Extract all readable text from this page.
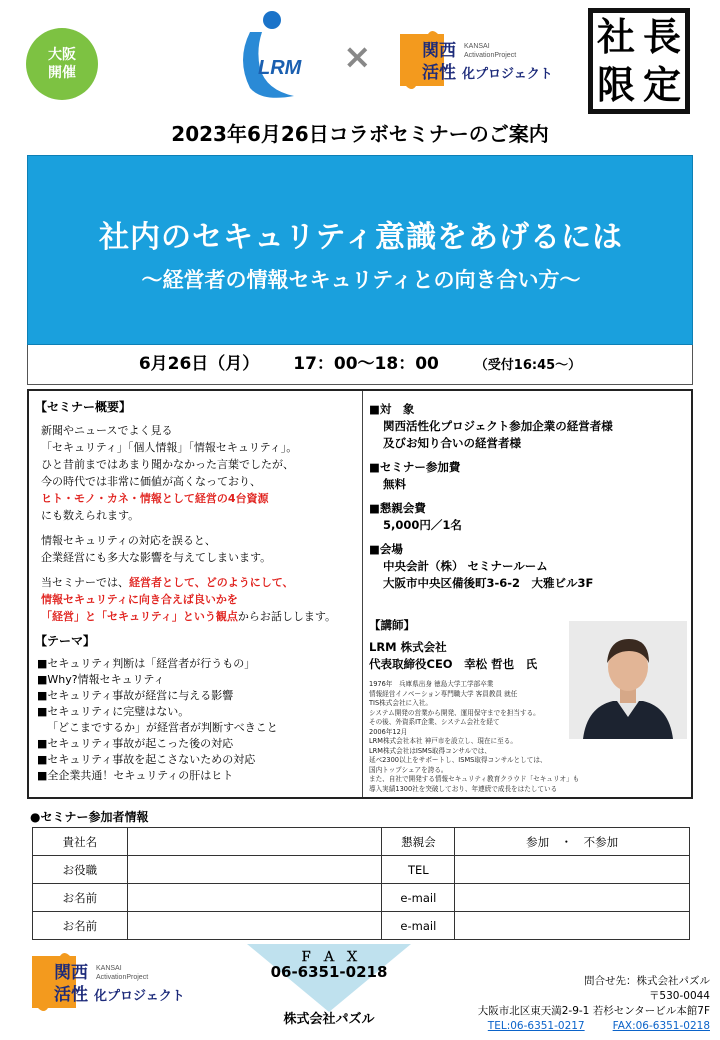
大阪
開催	LRM ×	関西
活性
KANSAI
ActivationProject
化プロジェクト
社 長
限 定
2023年6月26日コラボセミナーのご案内
社内のセキュリティ意識をあげるには
～経営者の情報セキュリティとの向き合い方～
6月26日（月） 17：00～18：00	（受付16:45～）
【セミナー概要】
新聞やニュースでよく見る
「セキュリティ」「個人情報」「情報セキュリティ」。
ひと昔前まではあまり聞かなかった言葉でしたが、
今の時代では非常に価値が高くなっており、
ヒト・モノ・カネ・情報として経営の4台資源
にも数えられます。
情報セキュリティの対応を誤ると、
企業経営にも多大な影響を与えてしまいます。
当セミナーでは、経営者として、どのようにして、
情報セキュリティに向き合えば良いかを
「経営」と「セキュリティ」という観点からお話しします。
【テーマ】
■セキュリティ判断は「経営者が行うもの」
■Why?情報セキュリティ
■セキュリティ事故が経営に与える影響
■セキュリティに完璧はない。
「どこまでするか」が経営者が判断すべきこと
■セキュリティ事故が起こった後の対応
■セキュリティ事故を起こさないための対応
■全企業共通！セキュリティの肝はヒト
■対　象
関西活性化プロジェクト参加企業の経営者様
及びお知り合いの経営者様
■セミナー参加費
無料
■懇親会費
5,000円／1名
■会場
中央会計（株） セミナールーム
大阪市中央区備後町3-6-2　大雅ビル3F
【講師】
LRM 株式会社
代表取締役CEO　幸松 哲也　氏
1976年　兵庫県出身 徳島大学工学部卒業
情報経営イノベーション専門職大学 客員教員 就任
TIS株式会社に入社。
システム開発の営業から開発、運用保守までを担当する。
その後、外資系IT企業、システム会社を経て
2006年12月
LRM株式会社本社 神戸市を設立し、現在に至る。
LRM株式会社はISMS取得コンサルでは、
延べ2300以上をサポートし、ISMS取得コンサルとしては、
国内トップシェアを誇る。
また、自社で開発する情報セキュリティ教育クラウド「セキュリオ」も
導入実績1300社を突破しており、年連続で成長をはたしている
●セミナー参加者情報
貴社名		懇親会	参加　・　不参加
お役職		TEL	
お名前		e-mail	
お名前		e-mail	
関西
活性
KANSAI
ActivationProject
化プロジェクト
ＦＡＸ
06-6351-0218
株式会社パズル
問合せ先：株式会社パズル
〒530-0044
大阪市北区東天満2-9-1 若杉センタービル本館7F
TEL:06-6351-0217	FAX:06-6351-0218
